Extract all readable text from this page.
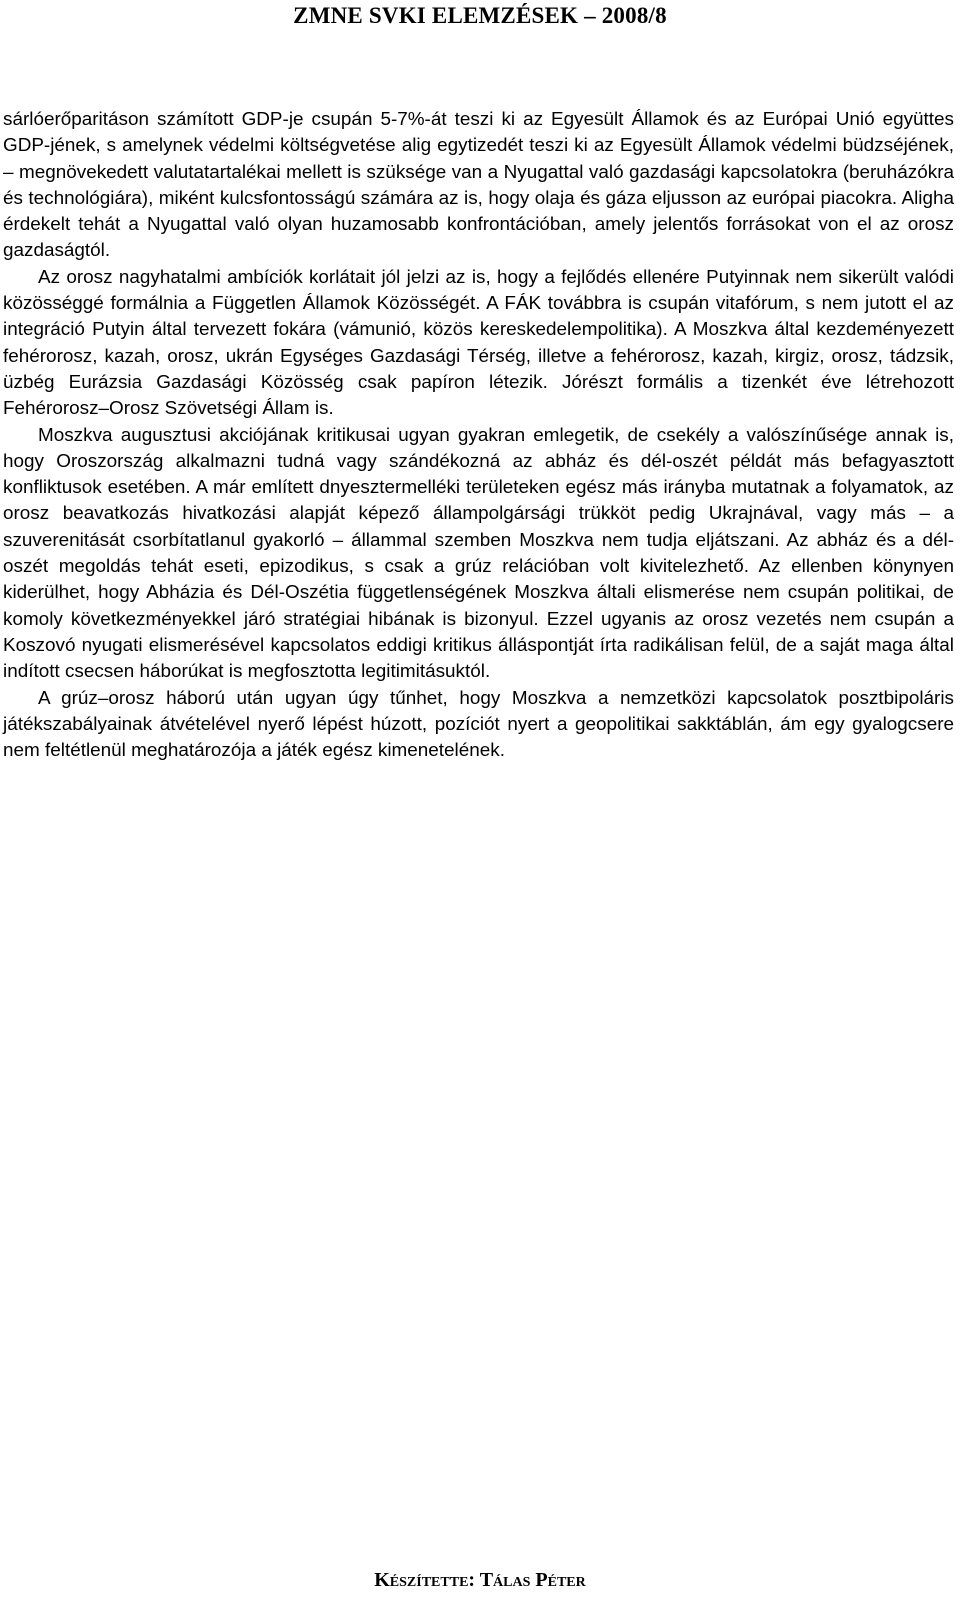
ZMNE SVKI ELEMZÉSEK – 2008/8

sárlóerőparitáson számított GDP-je csupán 5-7%-át teszi ki az Egyesült Államok és az Európai Unió együttes GDP-jének, s amelynek védelmi költségvetése alig egytizedét teszi ki az Egyesült Államok védelmi büdzséjének, – megnövekedett valutatartalékai mellett is szüksége van a Nyugattal való gazdasági kapcsolatokra (beruházókra és technológiára), miként kulcsfontosságú számára az is, hogy olaja és gáza eljusson az európai piacokra. Aligha érdekelt tehát a Nyugattal való olyan huzamosabb konfrontációban, amely jelentős forrásokat von el az orosz gazdaságtól.

Az orosz nagyhatalmi ambíciók korlátait jól jelzi az is, hogy a fejlődés ellenére Putyinnak nem sikerült valódi közösséggé formálnia a Független Államok Közösségét. A FÁK továbbra is csupán vitafórum, s nem jutott el az integráció Putyin által tervezett fokára (vámunió, közös kereskedelempolitika). A Moszkva által kezdeményezett fehérorosz, kazah, orosz, ukrán Egységes Gazdasági Térség, illetve a fehérorosz, kazah, kirgiz, orosz, tádzsik, üzbég Eurázsia Gazdasági Közösség csak papíron létezik. Jórészt formális a tizenkét éve létrehozott Fehérorosz–Orosz Szövetségi Állam is.

Moszkva augusztusi akciójának kritikusai ugyan gyakran emlegetik, de csekély a valószínűsége annak is, hogy Oroszország alkalmazni tudná vagy szándékozná az abház és dél-oszét példát más befagyasztott konfliktusok esetében. A már említett dnyesztermelléki területeken egész más irányba mutatnak a folyamatok, az orosz beavatkozás hivatkozási alapját képező állampolgársági trükköt pedig Ukrajnával, vagy más – a szuverenitását csorbítatlanul gyakorló – állammal szemben Moszkva nem tudja eljátszani. Az abház és a dél-oszét megoldás tehát eseti, epizodikus, s csak a grúz relációban volt kivitelezhető. Az ellenben könynyen kiderülhet, hogy Abházia és Dél-Oszétia függetlenségének Moszkva általi elismerése nem csupán politikai, de komoly következményekkel járó stratégiai hibának is bizonyul. Ezzel ugyanis az orosz vezetés nem csupán a Koszovó nyugati elismerésével kapcsolatos eddigi kritikus álláspontját írta radikálisan felül, de a saját maga által indított csecsen háborúkat is megfosztotta legitimitásuktól.

A grúz–orosz háború után ugyan úgy tűnhet, hogy Moszkva a nemzetközi kapcsolatok posztbipoláris játékszabályainak átvételével nyerő lépést húzott, pozíciót nyert a geopolitikai sakktáblán, ám egy gyalogcsere nem feltétlenül meghatározója a játék egész kimenetelének.

Készítette: Tálas Péter
